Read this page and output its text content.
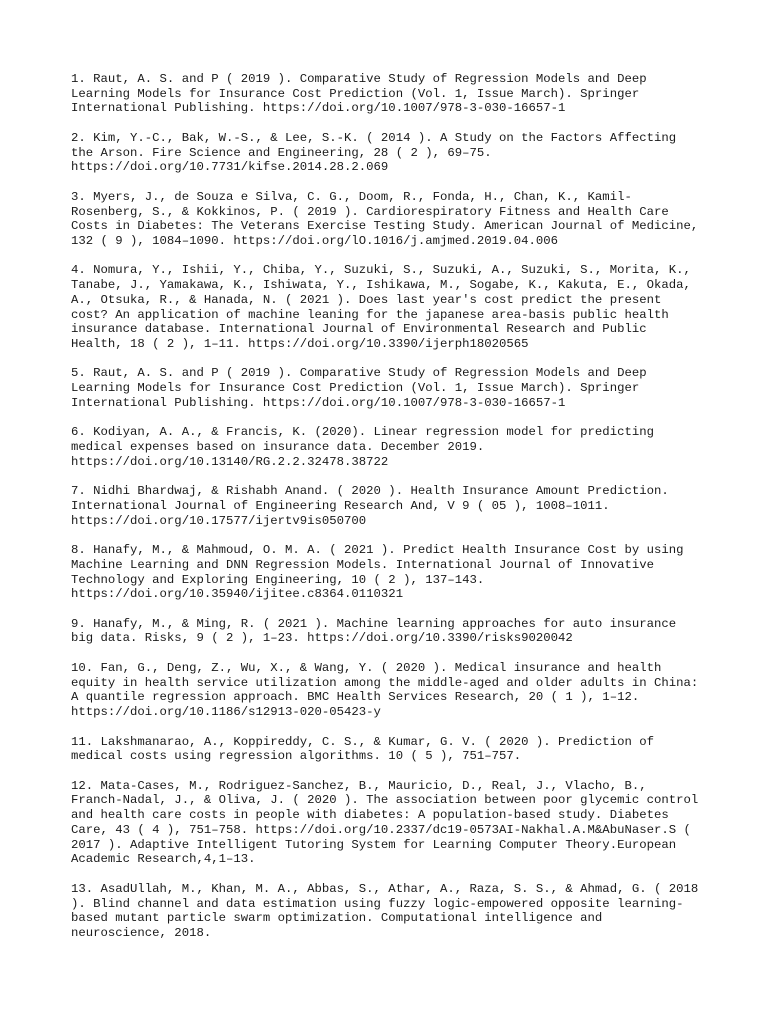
1. Raut, A. S. and P ( 2019 ). Comparative Study of Regression Models and Deep Learning Models for Insurance Cost Prediction (Vol. 1, Issue March). Springer International Publishing. https://doi.org/10.1007/978-3-030-16657-1

2. Kim, Y.-C., Bak, W.-S., & Lee, S.-K. ( 2014 ). A Study on the Factors Affecting the Arson. Fire Science and Engineering, 28 ( 2 ), 69–75. https://doi.org/10.7731/kifse.2014.28.2.069

3. Myers, J., de Souza e Silva, C. G., Doom, R., Fonda, H., Chan, K., Kamil-Rosenberg, S., & Kokkinos, P. ( 2019 ). Cardiorespiratory Fitness and Health Care Costs in Diabetes: The Veterans Exercise Testing Study. American Journal of Medicine, 132 ( 9 ), 1084–1090. https://doi.org/lO.1016/j.amjmed.2019.04.006

4. Nomura, Y., Ishii, Y., Chiba, Y., Suzuki, S., Suzuki, A., Suzuki, S., Morita, K., Tanabe, J., Yamakawa, K., Ishiwata, Y., Ishikawa, M., Sogabe, K., Kakuta, E., Okada, A., Otsuka, R., & Hanada, N. ( 2021 ). Does last year's cost predict the present cost? An application of machine leaning for the japanese area-basis public health insurance database. International Journal of Environmental Research and Public Health, 18 ( 2 ), 1–11. https://doi.org/10.3390/ijerph18020565

5. Raut, A. S. and P ( 2019 ). Comparative Study of Regression Models and Deep Learning Models for Insurance Cost Prediction (Vol. 1, Issue March). Springer International Publishing. https://doi.org/10.1007/978-3-030-16657-1

6. Kodiyan, A. A., & Francis, K. (2020). Linear regression model for predicting medical expenses based on insurance data. December 2019. https://doi.org/10.13140/RG.2.2.32478.38722

7. Nidhi Bhardwaj, & Rishabh Anand. ( 2020 ). Health Insurance Amount Prediction. International Journal of Engineering Research And, V 9 ( 05 ), 1008–1011. https://doi.org/10.17577/ijertv9is050700

8. Hanafy, M., & Mahmoud, O. M. A. ( 2021 ). Predict Health Insurance Cost by using Machine Learning and DNN Regression Models. International Journal of Innovative Technology and Exploring Engineering, 10 ( 2 ), 137–143. https://doi.org/10.35940/ijitee.c8364.0110321

9. Hanafy, M., & Ming, R. ( 2021 ). Machine learning approaches for auto insurance big data. Risks, 9 ( 2 ), 1–23. https://doi.org/10.3390/risks9020042

10. Fan, G., Deng, Z., Wu, X., & Wang, Y. ( 2020 ). Medical insurance and health equity in health service utilization among the middle-aged and older adults in China: A quantile regression approach. BMC Health Services Research, 20 ( 1 ), 1–12. https://doi.org/10.1186/s12913-020-05423-y

11. Lakshmanarao, A., Koppireddy, C. S., & Kumar, G. V. ( 2020 ). Prediction of medical costs using regression algorithms. 10 ( 5 ), 751–757.

12. Mata-Cases, M., Rodriguez-Sanchez, B., Mauricio, D., Real, J., Vlacho, B., Franch-Nadal, J., & Oliva, J. ( 2020 ). The association between poor glycemic control and health care costs in people with diabetes: A population-based study. Diabetes Care, 43 ( 4 ), 751–758. https://doi.org/10.2337/dc19-0573AI-Nakhal.A.M&AbuNaser.S ( 2017 ). Adaptive Intelligent Tutoring System for Learning Computer Theory.European Academic Research,4,1–13.

13. AsadUllah, M., Khan, M. A., Abbas, S., Athar, A., Raza, S. S., & Ahmad, G. ( 2018 ). Blind channel and data estimation using fuzzy logic-empowered opposite learning-based mutant particle swarm optimization. Computational intelligence and neuroscience, 2018.
